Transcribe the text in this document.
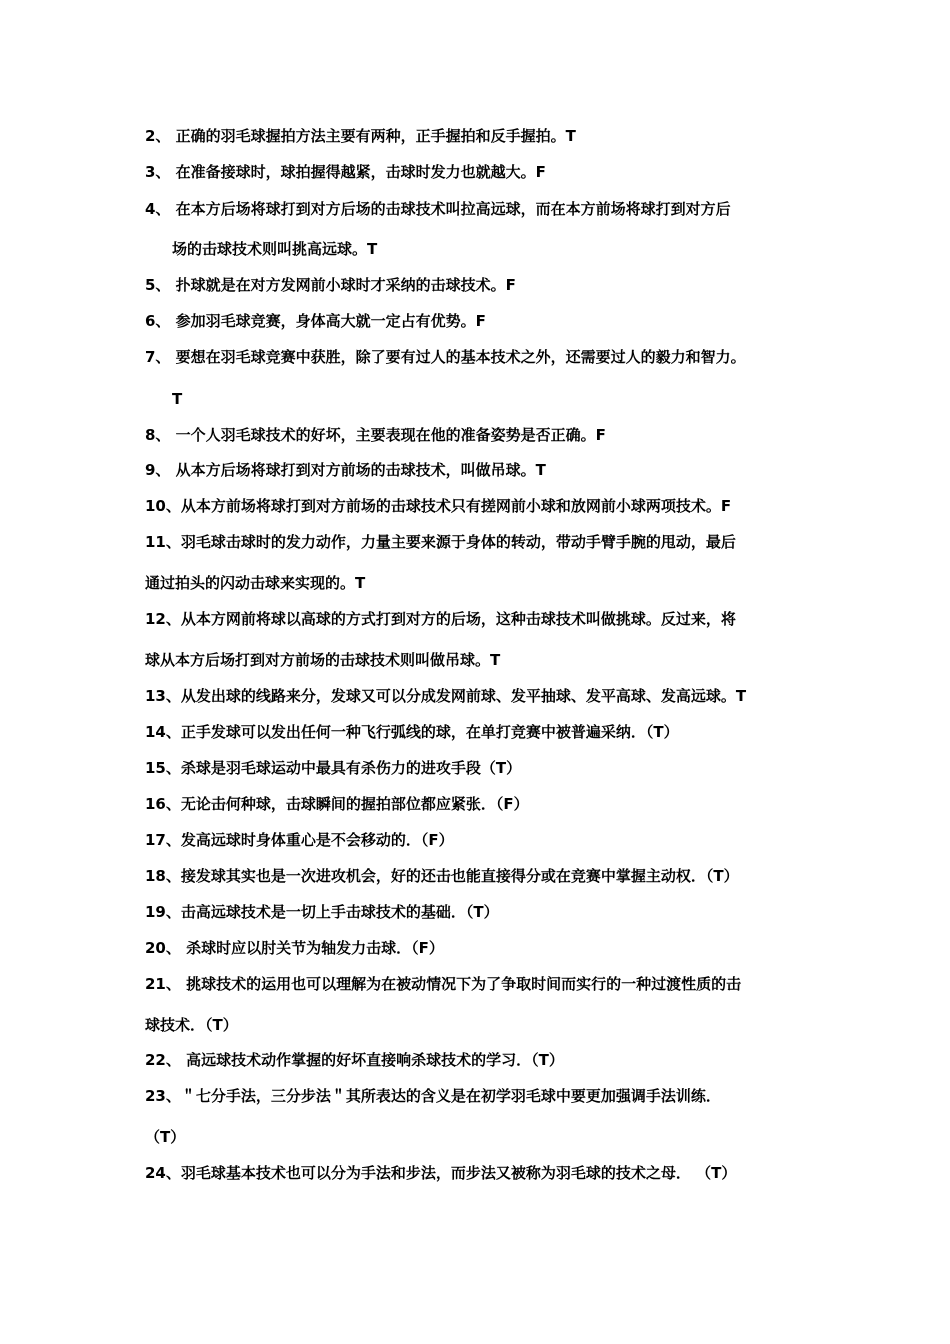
2、 正确的羽毛球握拍方法主要有两种，正手握拍和反手握拍。T
3、 在准备接球时，球拍握得越紧，击球时发力也就越大。F
4、 在本方后场将球打到对方后场的击球技术叫拉高远球，而在本方前场将球打到对方后
场的击球技术则叫挑高远球。T
5、 扑球就是在对方发网前小球时才采纳的击球技术。F
6、 参加羽毛球竞赛，身体高大就一定占有优势。F
7、 要想在羽毛球竞赛中获胜，除了要有过人的基本技术之外，还需要过人的毅力和智力。
T
8、 一个人羽毛球技术的好坏，主要表现在他的准备姿势是否正确。F
9、 从本方后场将球打到对方前场的击球技术，叫做吊球。T
10、从本方前场将球打到对方前场的击球技术只有搓网前小球和放网前小球两项技术。F
11、羽毛球击球时的发力动作，力量主要来源于身体的转动，带动手臂手腕的甩动，最后
通过拍头的闪动击球来实现的。T
12、从本方网前将球以高球的方式打到对方的后场，这种击球技术叫做挑球。反过来，将
球从本方后场打到对方前场的击球技术则叫做吊球。T
13、从发出球的线路来分，发球又可以分成发网前球、发平抽球、发平高球、发高远球。T
14、正手发球可以发出任何一种飞行弧线的球，在单打竞赛中被普遍采纳．（T）
15、杀球是羽毛球运动中最具有杀伤力的进攻手段（T）
16、无论击何种球，击球瞬间的握拍部位都应紧张．（F）
17、发高远球时身体重心是不会移动的．（F）
18、接发球其实也是一次进攻机会，好的还击也能直接得分或在竞赛中掌握主动权．（T）
19、击高远球技术是一切上手击球技术的基础．（T）
20、 杀球时应以肘关节为轴发力击球．（F）
21、 挑球技术的运用也可以理解为在被动情况下为了争取时间而实行的一种过渡性质的击
球技术．（T）
22、 高远球技术动作掌握的好坏直接响杀球技术的学习．（T）
23、＂七分手法，三分步法＂其所表达的含义是在初学羽毛球中要更加强调手法训练．
（T）
24、羽毛球基本技术也可以分为手法和步法，而步法又被称为羽毛球的技术之母． （T）
